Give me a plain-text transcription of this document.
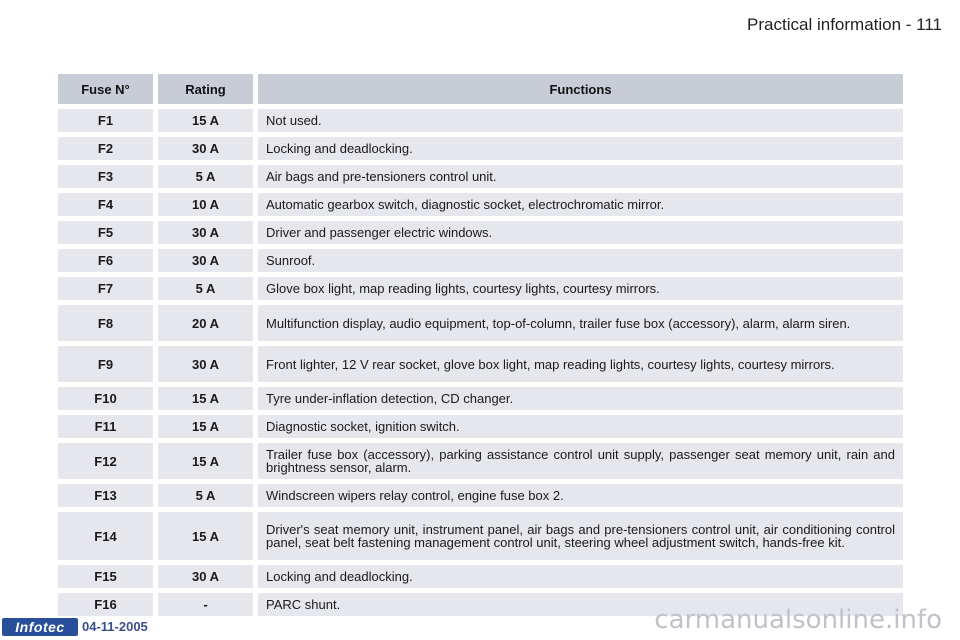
Practical information - 111
Fuse N°	Rating	Functions
F1	15 A	Not used.
F2	30 A	Locking and deadlocking.
F3	5 A	Air bags and pre-tensioners control unit.
F4	10 A	Automatic gearbox switch, diagnostic socket, electrochromatic mirror.
F5	30 A	Driver and passenger electric windows.
F6	30 A	Sunroof.
F7	5 A	Glove box light, map reading lights, courtesy lights, courtesy mirrors.
F8	20 A	Multifunction display, audio equipment, top-of-column, trailer fuse box (accessory), alarm, alarm siren.
F9	30 A	Front lighter, 12 V rear socket, glove box light, map reading lights, courtesy lights, courtesy mirrors.
F10	15 A	Tyre under-inflation detection, CD changer.
F11	15 A	Diagnostic socket, ignition switch.
F12	15 A	Trailer fuse box (accessory), parking assistance control unit supply, passenger seat memory unit, rain and brightness sensor, alarm.
F13	5 A	Windscreen wipers relay control, engine fuse box 2.
F14	15 A	Driver's seat memory unit, instrument panel, air bags and pre-tensioners control unit, air conditioning control panel, seat belt fastening management control unit, steering wheel adjustment switch, hands-free kit.
F15	30 A	Locking and deadlocking.
F16	-	PARC shunt.
Infotec	04-11-2005	carmanualsonline.info
